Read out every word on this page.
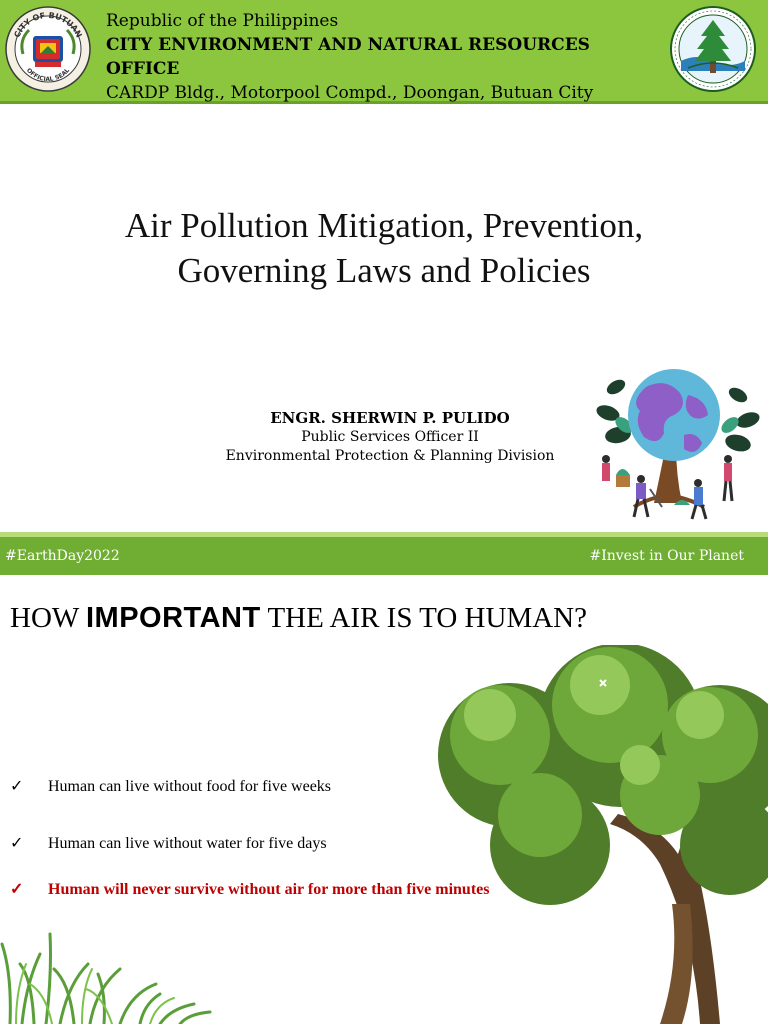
CITY OF BUTUAN
OFFICIAL SEAL
Republic of the Philippines
CITY ENVIRONMENT AND NATURAL RESOURCES
OFFICE
CARDP Bldg., Motorpool Compd., Doongan, Butuan City
Air Pollution Mitigation, Prevention,
Governing Laws and Policies
ENGR. SHERWIN P. PULIDO
Public Services Officer II
Environmental Protection & Planning Division
#EarthDay2022	#Invest in Our Planet
HOW IMPORTANT THE AIR IS TO HUMAN?
✓ Human can live without food for five weeks
✓ Human can live without water for five days
✓ Human will never survive without air for more than five minutes
